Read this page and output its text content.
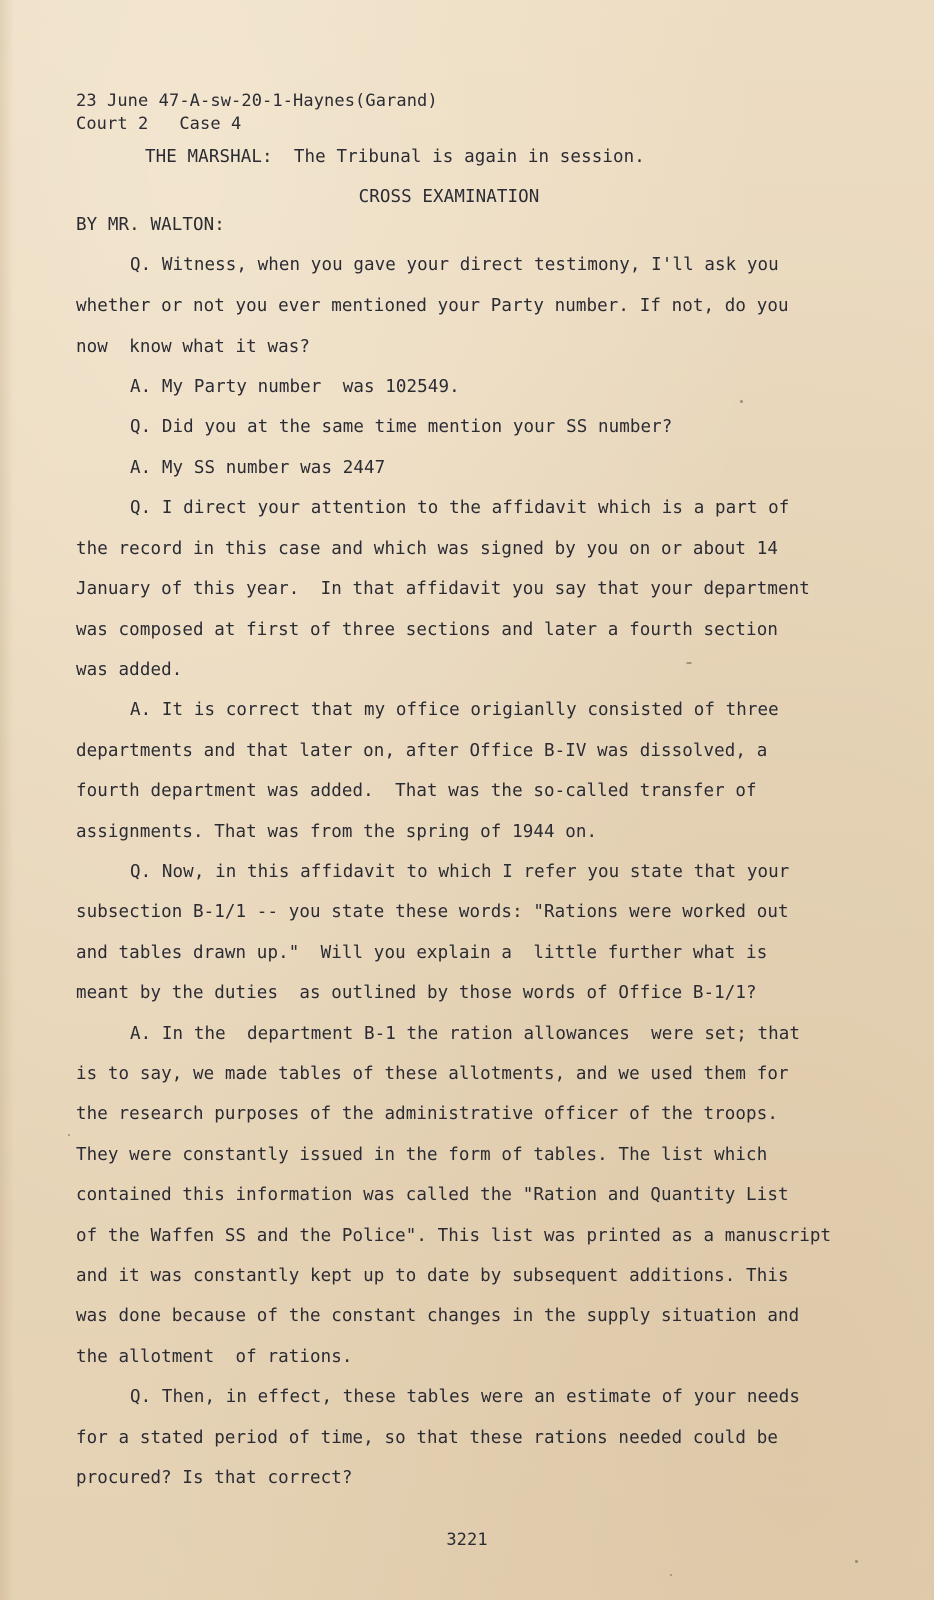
23 June 47-A-sw-20-1-Haynes(Garand)
Court 2   Case 4
THE MARSHAL:  The Tribunal is again in session.
CROSS EXAMINATION
BY MR. WALTON:
Q. Witness, when you gave your direct testimony, I'll ask you
whether or not you ever mentioned your Party number. If not, do you
now  know what it was?
A. My Party number  was 102549.
Q. Did you at the same time mention your SS number?
A. My SS number was 2447
Q. I direct your attention to the affidavit which is a part of
the record in this case and which was signed by you on or about 14
January of this year.  In that affidavit you say that your department
was composed at first of three sections and later a fourth section
was added.
A. It is correct that my office origianlly consisted of three
departments and that later on, after Office B-IV was dissolved, a
fourth department was added.  That was the so-called transfer of
assignments. That was from the spring of 1944 on.
Q. Now, in this affidavit to which I refer you state that your
subsection B-1/1 -- you state these words: "Rations were worked out
and tables drawn up."  Will you explain a  little further what is
meant by the duties  as outlined by those words of Office B-1/1?
A. In the  department B-1 the ration allowances  were set; that
is to say, we made tables of these allotments, and we used them for
the research purposes of the administrative officer of the troops.
They were constantly issued in the form of tables. The list which
contained this information was called the "Ration and Quantity List
of the Waffen SS and the Police". This list was printed as a manuscript
and it was constantly kept up to date by subsequent additions. This
was done because of the constant changes in the supply situation and
the allotment  of rations.
Q. Then, in effect, these tables were an estimate of your needs
for a stated period of time, so that these rations needed could be
procured? Is that correct?
3221
